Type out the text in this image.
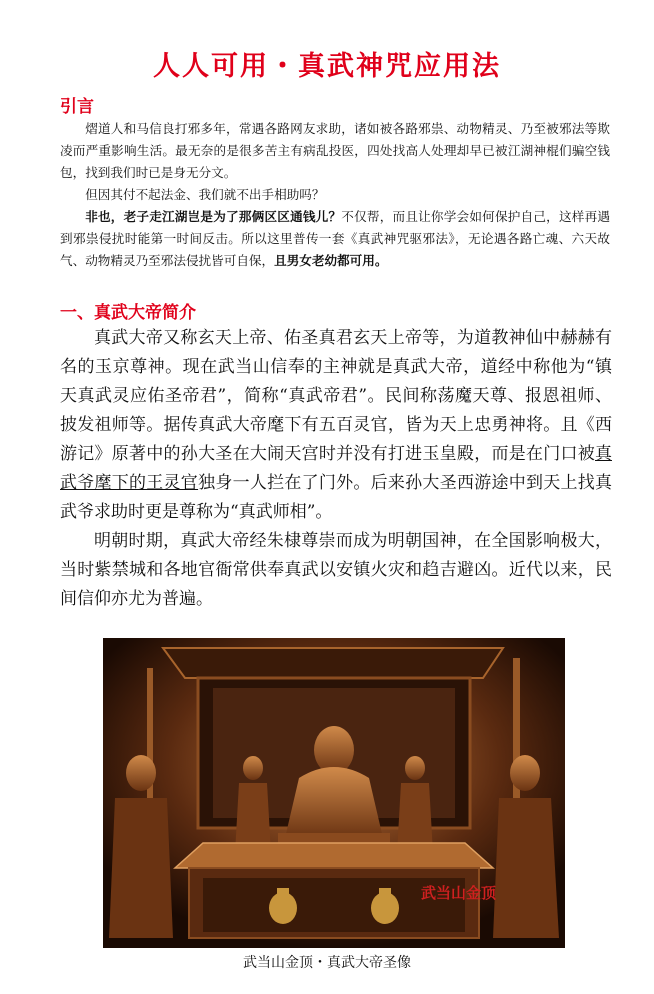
人人可用・真武神咒应用法
引言

熠道人和马信良打邪多年，常遇各路网友求助，诸如被各路邪祟、动物精灵、乃至被邪法等欺凌而严重影响生活。最无奈的是很多苦主有病乱投医，四处找高人处理却早已被江湖神棍们骗空钱包，找到我们时已是身无分文。

但因其付不起法金、我们就不出手相助吗？

非也，老子走江湖岂是为了那俩区区通钱儿？不仅帮，而且让你学会如何保护自己，这样再遇到邪祟侵扰时能第一时间反击。所以这里普传一套《真武神咒驱邪法》，无论遇各路亡魂、六天故气、动物精灵乃至邪法侵扰皆可自保，且男女老幼都可用。

一、真武大帝简介

真武大帝又称玄天上帝、佑圣真君玄天上帝等，为道教神仙中赫赫有名的玉京尊神。现在武当山信奉的主神就是真武大帝，道经中称他为“镇天真武灵应佑圣帝君”，简称“真武帝君”。民间称荡魔天尊、报恩祖师、披发祖师等。据传真武大帝麾下有五百灵官，皆为天上忠勇神将。且《西游记》原著中的孙大圣在大闹天宫时并没有打进玉皇殿，而是在门口被真武爷麾下的王灵官独身一人拦在了门外。后来孙大圣西游途中到天上找真武爷求助时更是尊称为“真武师相”。

明朝时期，真武大帝经朱棣尊崇而成为明朝国神，在全国影响极大，当时紫禁城和各地官衙常供奉真武以安镇火灾和趋吉避凶。近代以来，民间信仰亦尤为普遍。

武当山金顶
武当山金顶・真武大帝圣像
